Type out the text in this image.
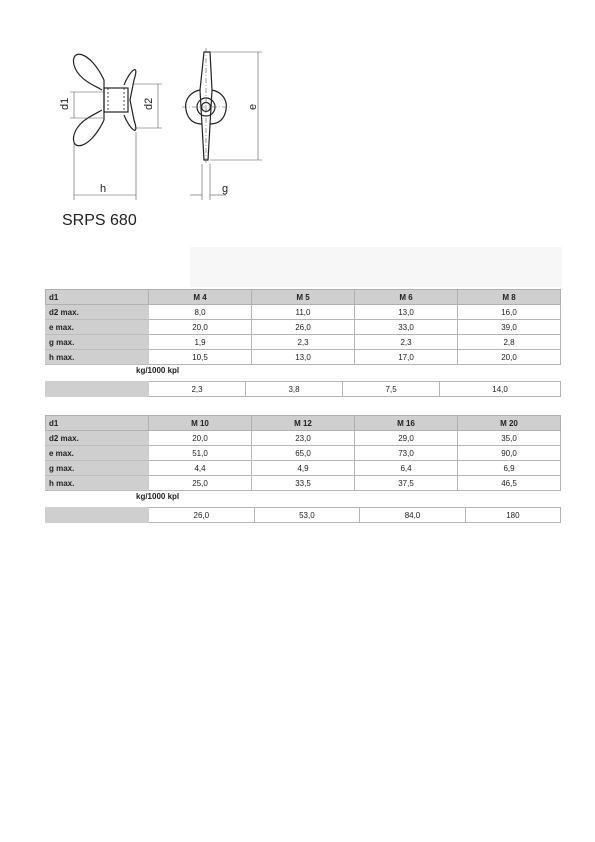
d1	d2
h
e
g
SRPS 680
d1	M 4	M 5	M 6	M 8
d2 max.	8,0	11,0	13,0	16,0
e max.	20,0	26,0	33,0	39,0
g max.	1,9	2,3	2,3	2,8
h max.	10,5	13,0	17,0	20,0
kg/1000 kpl
	2,3	3,8	7,5	14,0
d1	M 10	M 12	M 16	M 20
d2 max.	20,0	23,0	29,0	35,0
e max.	51,0	65,0	73,0	90,0
g max.	4,4	4,9	6,4	6,9
h max.	25,0	33,5	37,5	46,5
kg/1000 kpl
	26,0	53,0	84,0	180
